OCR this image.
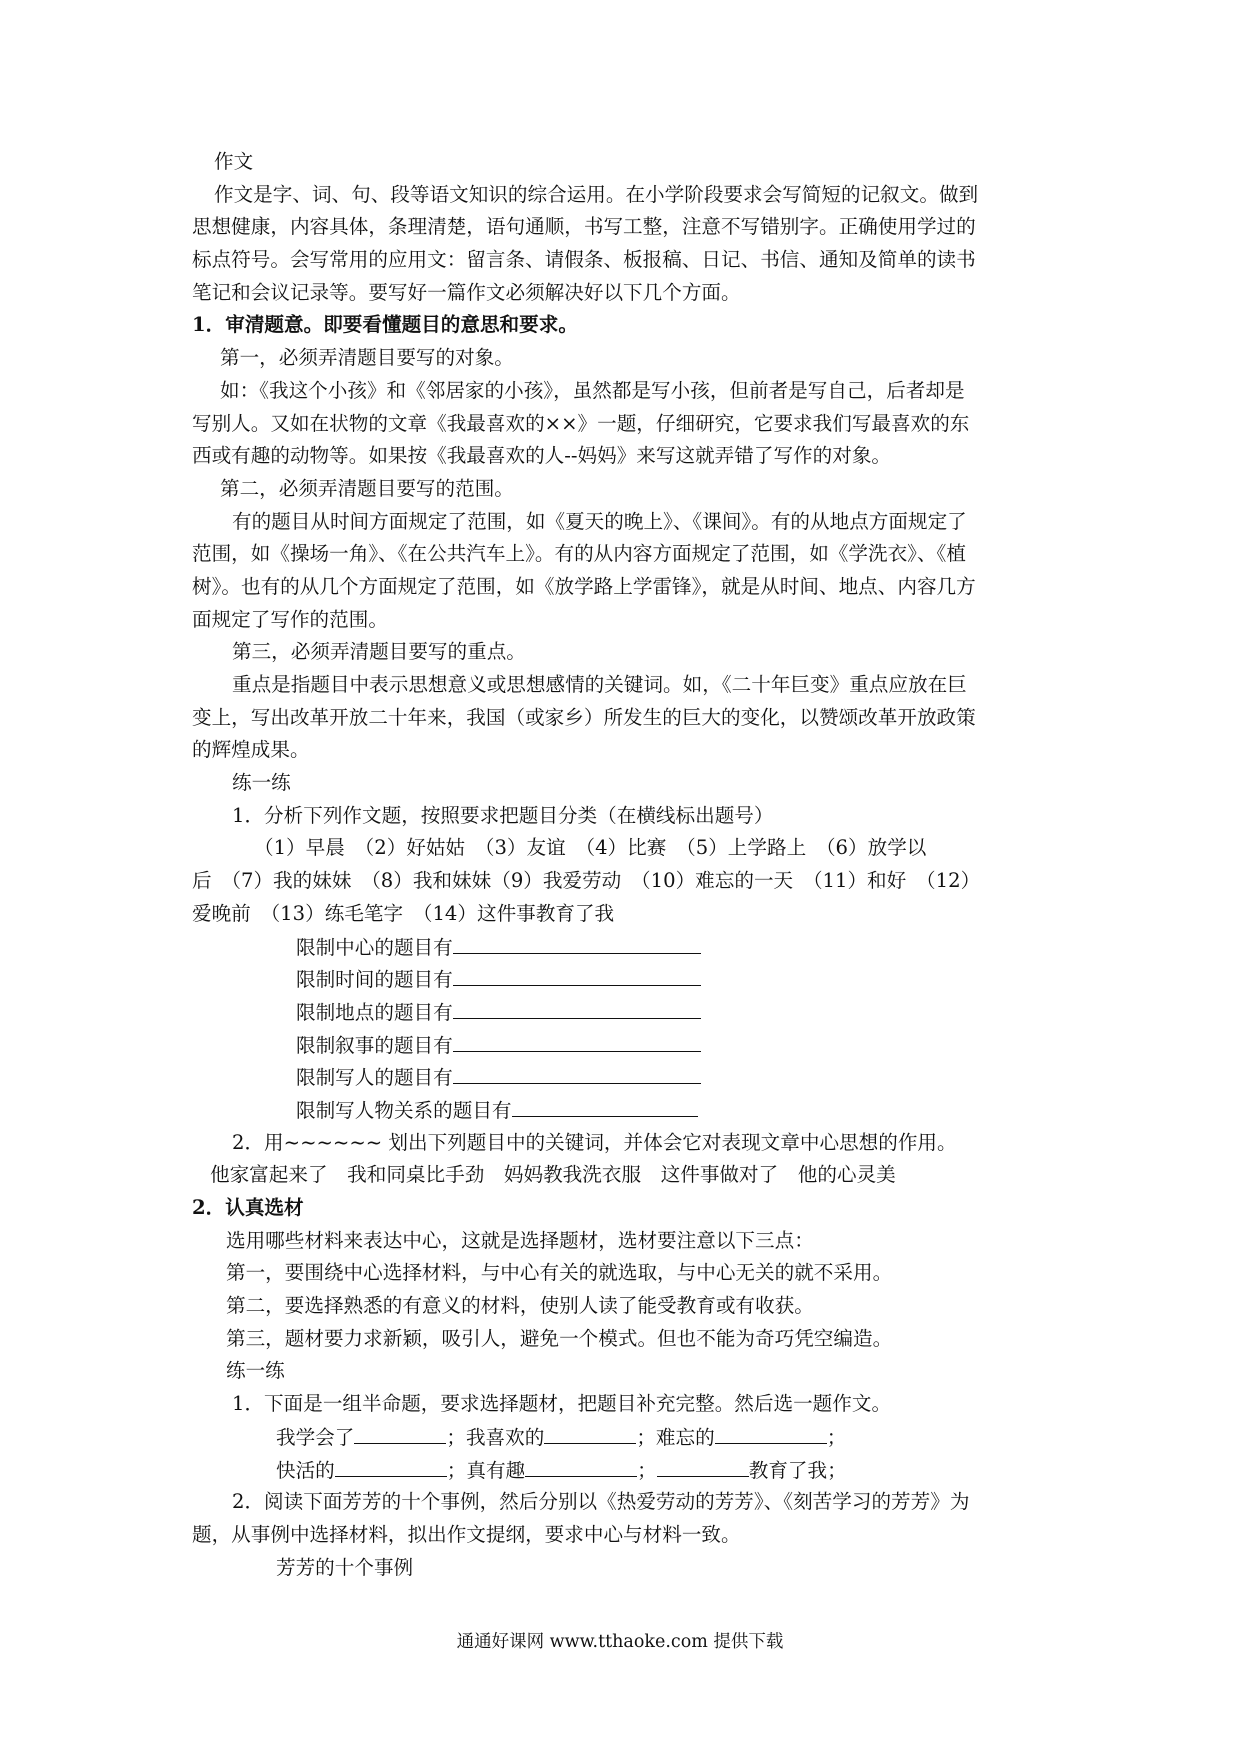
作文
作文是字、词、句、段等语文知识的综合运用。在小学阶段要求会写简短的记叙文。做到
思想健康，内容具体，条理清楚，语句通顺，书写工整，注意不写错别字。正确使用学过的
标点符号。会写常用的应用文：留言条、请假条、板报稿、日记、书信、通知及简单的读书
笔记和会议记录等。要写好一篇作文必须解决好以下几个方面。
1．审清题意。即要看懂题目的意思和要求。
第一，必须弄清题目要写的对象。
如：《我这个小孩》和《邻居家的小孩》，虽然都是写小孩，但前者是写自己，后者却是
写别人。又如在状物的文章《我最喜欢的××》一题，仔细研究，它要求我们写最喜欢的东
西或有趣的动物等。如果按《我最喜欢的人--妈妈》来写这就弄错了写作的对象。
第二，必须弄清题目要写的范围。
有的题目从时间方面规定了范围，如《夏天的晚上》、《课间》。有的从地点方面规定了
范围，如《操场一角》、《在公共汽车上》。有的从内容方面规定了范围，如《学洗衣》、《植
树》。也有的从几个方面规定了范围，如《放学路上学雷锋》，就是从时间、地点、内容几方
面规定了写作的范围。
第三，必须弄清题目要写的重点。
重点是指题目中表示思想意义或思想感情的关键词。如，《二十年巨变》重点应放在巨
变上，写出改革开放二十年来，我国（或家乡）所发生的巨大的变化，以赞颂改革开放政策
的辉煌成果。
练一练
1．分析下列作文题，按照要求把题目分类（在横线标出题号）
（1）早晨　（2）好姑姑　（3）友谊　（4）比赛　（5）上学路上　（6）放学以
后　（7）我的妹妹　（8）我和妹妹（9）我爱劳动　（10）难忘的一天　（11）和好　（12）
爱晚前　（13）练毛笔字　（14）这件事教育了我
限制中心的题目有
限制时间的题目有
限制地点的题目有
限制叙事的题目有
限制写人的题目有
限制写人物关系的题目有
2．用~~~~~~ 划出下列题目中的关键词，并体会它对表现文章中心思想的作用。
他家富起来了　我和同桌比手劲　妈妈教我洗衣服　这件事做对了　他的心灵美
2．认真选材
选用哪些材料来表达中心，这就是选择题材，选材要注意以下三点：
第一，要围绕中心选择材料，与中心有关的就选取，与中心无关的就不采用。
第二，要选择熟悉的有意义的材料，使别人读了能受教育或有收获。
第三，题材要力求新颖，吸引人，避免一个模式。但也不能为奇巧凭空编造。
练一练
1．下面是一组半命题，要求选择题材，把题目补充完整。然后选一题作文。
我学会了	；我喜欢的	；难忘的	；
快活的	；真有趣	；	教育了我；
2．阅读下面芳芳的十个事例，然后分别以《热爱劳动的芳芳》、《刻苦学习的芳芳》为
题，从事例中选择材料，拟出作文提纲，要求中心与材料一致。
芳芳的十个事例
通通好课网 www.tthaoke.com 提供下载
